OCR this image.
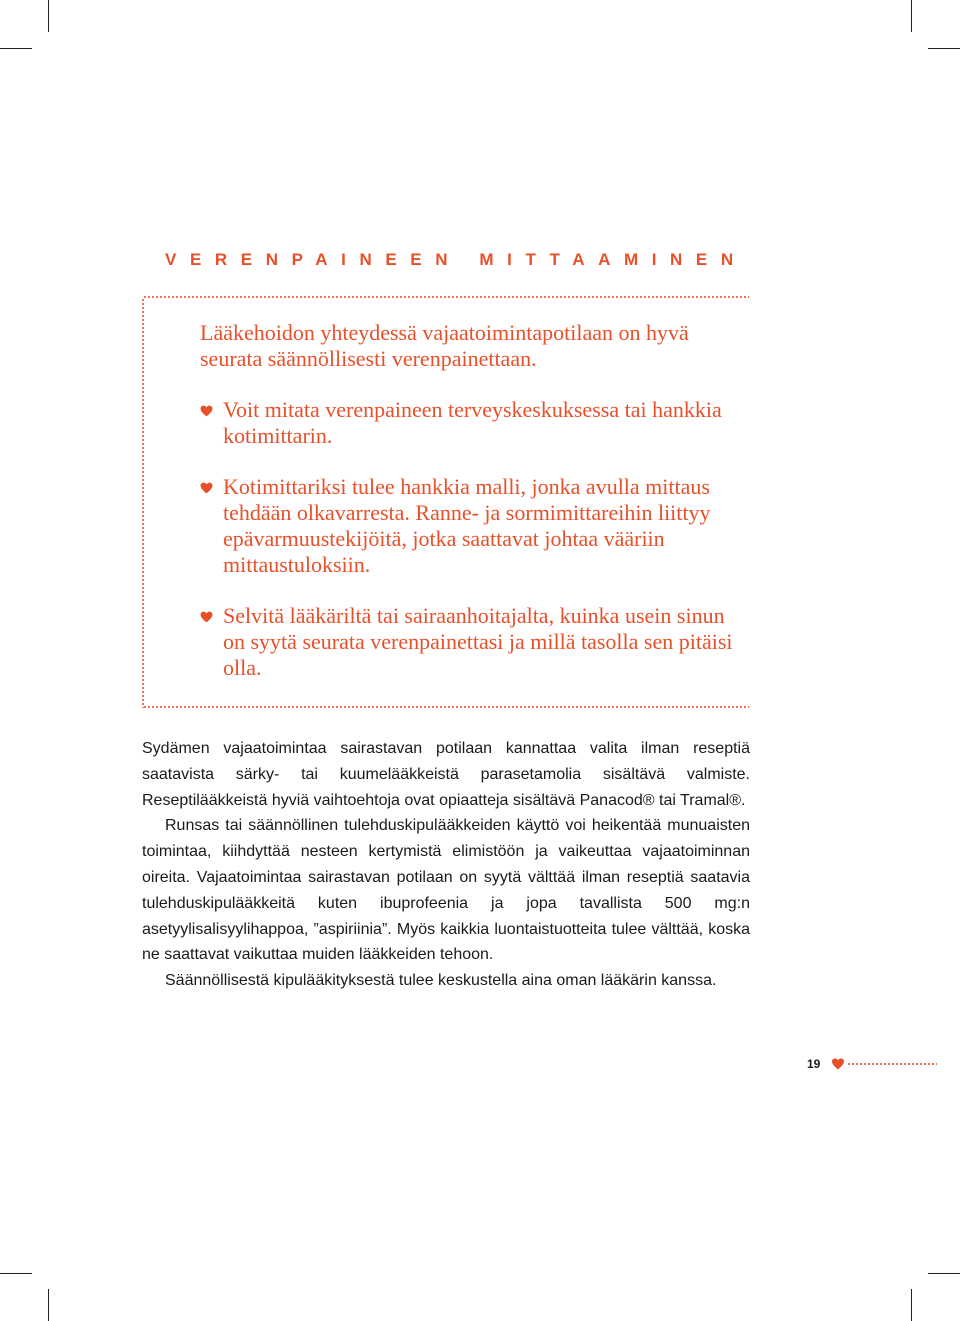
VERENPAINEEN MITTAAMINEN

Lääkehoidon yhteydessä vajaatoimintapotilaan on hyvä seurata säännöllisesti verenpainettaan.

Voit mitata verenpaineen terveyskeskuksessa tai hankkia kotimittarin.
Kotimittariksi tulee hankkia malli, jonka avulla mittaus tehdään olkavarresta. Ranne- ja sormimittareihin liittyy epävarmuustekijöitä, jotka saattavat johtaa vääriin mittaustuloksiin.
Selvitä lääkäriltä tai sairaanhoitajalta, kuinka usein sinun on syytä seurata verenpainettasi ja millä tasolla sen pitäisi olla.

Sydämen vajaatoimintaa sairastavan potilaan kannattaa valita ilman reseptiä saatavista särky- tai kuumelääkkeistä parasetamolia sisältävä valmiste. Reseptilääkkeistä hyviä vaihtoehtoja ovat opiaatteja sisältävä Panacod® tai Tramal®.

Runsas tai säännöllinen tulehduskipulääkkeiden käyttö voi heikentää munuaisten toimintaa, kiihdyttää nesteen kertymistä elimistöön ja vaikeuttaa vajaatoiminnan oireita. Vajaatoimintaa sairastavan potilaan on syytä välttää ilman reseptiä saatavia tulehduskipulääkkeitä kuten ibuprofeenia ja jopa tavallista 500 mg:n asetyylisalisyylihappoa, ”aspiriinia”. Myös kaikkia luontaistuotteita tulee välttää, koska ne saattavat vaikuttaa muiden lääkkeiden tehoon.

Säännöllisestä kipulääkityksestä tulee keskustella aina oman lääkärin kanssa.

19
